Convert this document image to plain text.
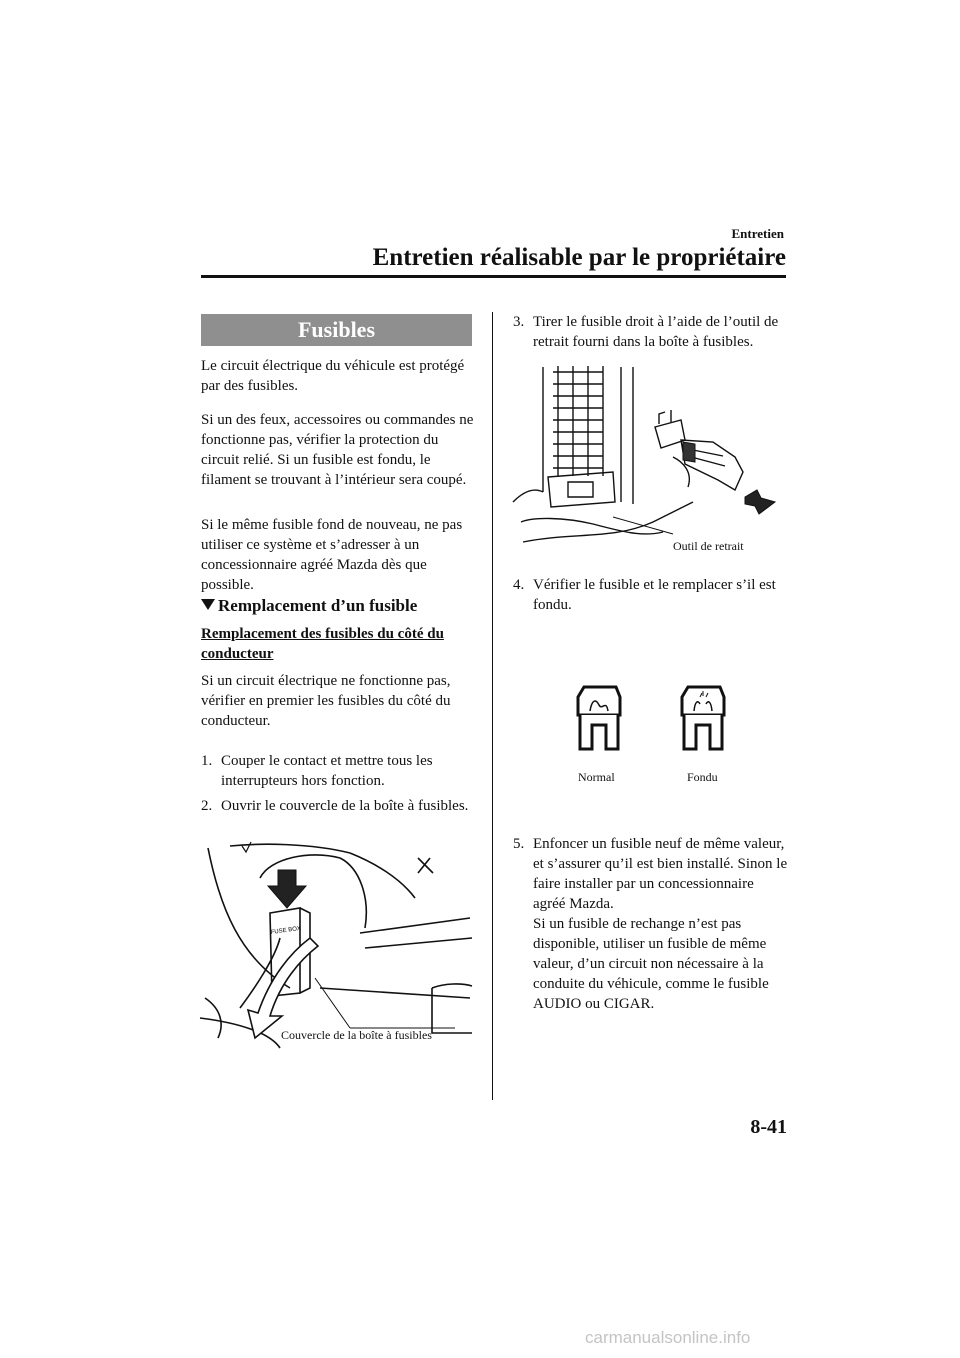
Entretien
Entretien réalisable par le propriétaire
Fusibles
Le circuit électrique du véhicule est protégé par des fusibles.
Si un des feux, accessoires ou commandes ne fonctionne pas, vérifier la protection du circuit relié. Si un fusible est fondu, le filament se trouvant à l’intérieur sera coupé.
Si le même fusible fond de nouveau, ne pas utiliser ce système et s’adresser à un concessionnaire agréé Mazda dès que possible.
Remplacement d’un fusible
Remplacement des fusibles du côté du conducteur
Si un circuit électrique ne fonctionne pas, vérifier en premier les fusibles du côté du conducteur.
1. Couper le contact et mettre tous les interrupteurs hors fonction.
2. Ouvrir le couvercle de la boîte à fusibles.
FUSE BOX
Couvercle de la boîte à fusibles
3. Tirer le fusible droit à l’aide de l’outil de retrait fourni dans la boîte à fusibles.
Outil de retrait
4. Vérifier le fusible et le remplacer s’il est fondu.
Normal	Fondu
5. Enfoncer un fusible neuf de même valeur, et s’assurer qu’il est bien installé. Sinon le faire installer par un concessionnaire agréé Mazda.
Si un fusible de rechange n’est pas disponible, utiliser un fusible de même valeur, d’un circuit non nécessaire à la conduite du véhicule, comme le fusible AUDIO ou CIGAR.
8-41
carmanualsonline.info
